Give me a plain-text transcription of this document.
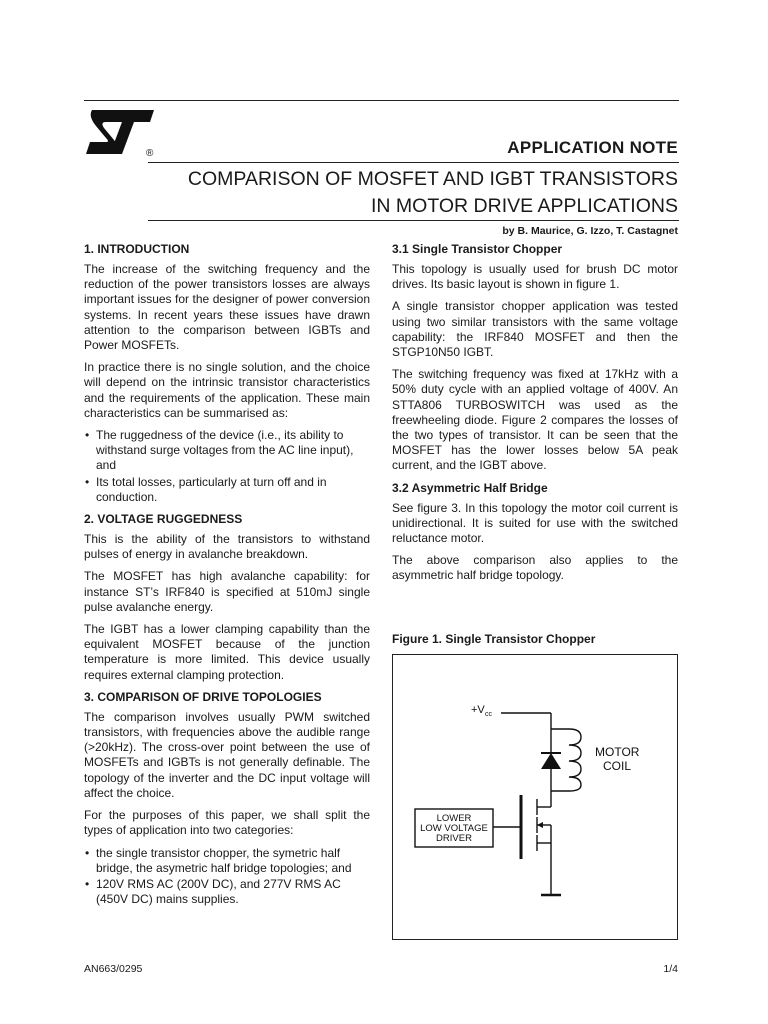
®	APPLICATION NOTE
COMPARISON OF MOSFET AND IGBT TRANSISTORS
IN MOTOR DRIVE APPLICATIONS
by B. Maurice, G. Izzo, T. Castagnet
1. INTRODUCTION

The increase of the switching frequency and the reduction of the power transistors losses are always important issues for the designer of power conversion systems. In recent years these issues have drawn attention to the comparison between IGBTs and Power MOSFETs.

In practice there is no single solution, and the choice will depend on the intrinsic transistor characteristics and the requirements of the application. These main characteristics can be summarised as:

• The ruggedness of the device (i.e., its ability to withstand surge voltages from the AC line input), and
• Its total losses, particularly at turn off and in conduction.
2. VOLTAGE RUGGEDNESS

This is the ability of the transistors to withstand pulses of energy in avalanche breakdown.

The MOSFET has high avalanche capability: for instance ST’s IRF840 is specified at 510mJ single pulse avalanche energy.

The IGBT has a lower clamping capability than the equivalent MOSFET because of the junction temperature is more limited. This device usually requires external clamping protection.

3. COMPARISON OF DRIVE TOPOLOGIES

The comparison involves usually PWM switched transistors, with frequencies above the audible range (>20kHz). The cross-over point between the use of MOSFETs and IGBTs is not generally definable. The topology of the inverter and the DC input voltage will affect the choice.

For the purposes of this paper, we shall split the types of application into two categories:

• the single transistor chopper, the symetric half bridge, the asymetric half bridge topologies; and
• 120V RMS AC (200V DC), and 277V RMS AC (450V DC) mains supplies.
3.1 Single Transistor Chopper

This topology is usually used for brush DC motor drives. Its basic layout is shown in figure 1.

A single transistor chopper application was tested using two similar transistors with the same voltage capability: the IRF840 MOSFET and then the STGP10N50 IGBT.

The switching frequency was fixed at 17kHz with a 50% duty cycle with an applied voltage of 400V. An STTA806 TURBOSWITCH was used as the freewheeling diode. Figure 2 compares the losses of the two types of transistor. It can be seen that the MOSFET has the lower losses below 5A peak current, and the IGBT above.

3.2 Asymmetric Half Bridge

See figure 3. In this topology the motor coil current is unidirectional. It is suited for use with the switched reluctance motor.

The above comparison also applies to the asymmetric half bridge topology.

Figure 1. Single Transistor Chopper
+V cc
MOTOR
COIL
LOWER
LOW VOLTAGE
DRIVER
AN663/0295	1/4
